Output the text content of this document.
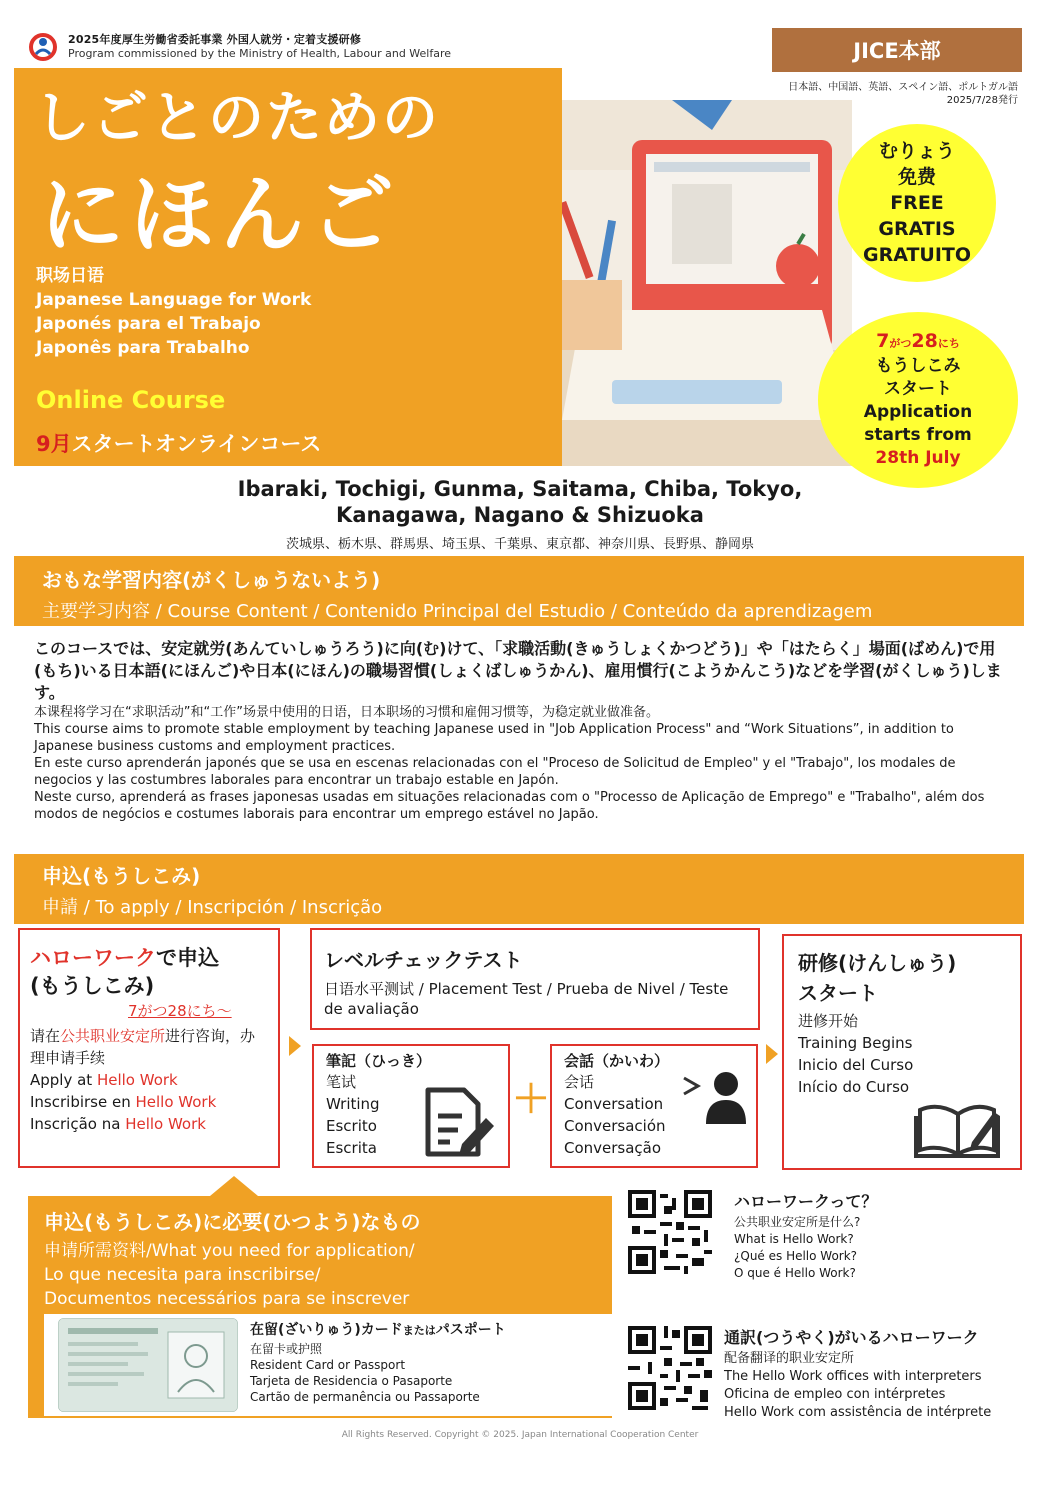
2025年度厚生労働省委託事業 外国人就労・定着支援研修
Program commissioned by the Ministry of Health, Labour and Welfare	JICE本部
日本語、中国語、英語、スペイン語、ポルトガル語
2025/7/28発行
しごとのための
にほんご
职场日语
Japanese Language for Work
Japonés para el Trabajo
Japonês para Trabalho
Online Course
9月スタートオンラインコース
むりょう
免费
FREE
GRATIS
GRATUITO
7がつ28にち
もうしこみ
スタート
Application
starts from
28th July
Ibaraki, Tochigi, Gunma, Saitama, Chiba, Tokyo,
Kanagawa, Nagano & Shizuoka
茨城県、栃木県、群馬県、埼玉県、千葉県、東京都、神奈川県、長野県、静岡県
おもな学習内容(がくしゅうないよう)
主要学习内容 / Course Content / Contenido Principal del Estudio / Conteúdo da aprendizagem
このコースでは、安定就労(あんていしゅうろう)に向(む)けて、「求職活動(きゅうしょくかつどう)」や「はたらく」場面(ばめん)で用(もち)いる日本語(にほんご)や日本(にほん)の職場習慣(しょくばしゅうかん)、雇用慣行(こようかんこう)などを学習(がくしゅう)します。
本课程将学习在“求职活动”和“工作”场景中使用的日语，日本职场的习惯和雇佣习惯等，为稳定就业做准备。
This course aims to promote stable employment by teaching Japanese used in "Job Application Process" and “Work Situations”, in addition to Japanese business customs and employment practices.
En este curso aprenderán japonés que se usa en escenas relacionadas con el "Proceso de Solicitud de Empleo" y el "Trabajo", los modales de negocios y las costumbres laborales para encontrar un trabajo estable en Japón.
Neste curso, aprenderá as frases japonesas usadas em situações relacionadas com o "Processo de Aplicação de Emprego" e "Trabalho", além dos modos de negócios e costumes laborais para encontrar um emprego estável no Japão.
申込(もうしこみ)
申請 / To apply / Inscripción / Inscrição
ハローワークで申込
(もうしこみ)
7がつ28にち〜
请在公共职业安定所进行咨询，办理申请手续
Apply at Hello Work
Inscribirse en Hello Work
Inscrição na Hello Work
レベルチェックテスト
日语水平测试 / Placement Test / Prueba de Nivel / Teste de avaliação
筆記（ひっき）
笔试
Writing
Escrito
Escrita
＋
会話（かいわ）
会话
Conversation
Conversación
Conversação
研修(けんしゅう)
スタート
进修开始
Training Begins
Inicio del Curso
Início do Curso
申込(もうしこみ)に必要(ひつよう)なもの
申请所需资料/What you need for application/
Lo que necesita para inscribirse/
Documentos necessários para se inscrever
在留(ざいりゅう)カードまたはパスポート
在留卡或护照
Resident Card or Passport
Tarjeta de Residencia o Pasaporte
Cartão de permanência ou Passaporte
ハローワークって？
公共职业安定所是什么?
What is Hello Work?
¿Qué es Hello Work?
O que é Hello Work?
通訳(つうやく)がいるハローワーク
配备翻译的职业安定所
The Hello Work offices with interpreters
Oficina de empleo con intérpretes
Hello Work com assistência de intérprete
All Rights Reserved. Copyright © 2025. Japan International Cooperation Center
